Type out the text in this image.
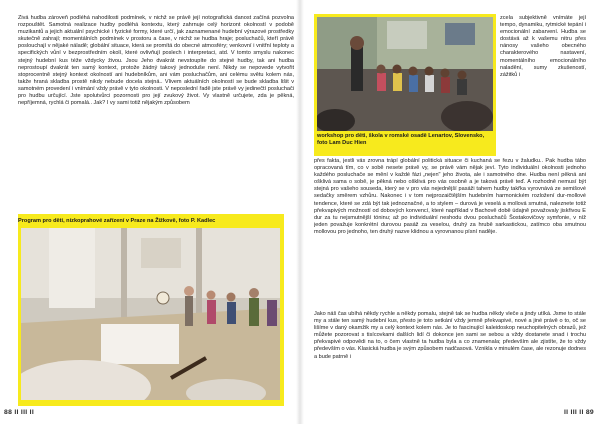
Živá hudba zároveň podléhá nahodilosti podmínek, v nichž se právě její notografická danost začíná pozvolna rozpouštět. Samotná realizace hudby podléhá kontextu, který zahrnuje celý horizont okolností v podobě muzikantů a jejich aktuální psychické i fyzické formy, které určí, jak zaznamenané hudební výrazové prostředky skutečně zahrají; momentálních podmínek v prostoru a čase, v nichž se hudba hraje; posluchačů, kteří právě poslouchají v nějaké náladě; globální situace, která se promítá do obecné atmosféry; venkovní i vnitřní teploty a specifických vůní v bezprostředním okolí, které ovlivňují poslech i interpretaci, atd. V tomto smyslu nakonec stejný hudební kus téže vždycky živou. Jsou Jeho dvakrát nevstoupíte do stejné hudby, tak ani hudba neprostoupí dvakrát ten samý kontext, protože žádný takový jednoduše není. Nikdy se nepovede vytvořit stoprocentně stejný kontext okolností ani hudebníkům, ani vám posluchačům, ani celému světu kolem nás, takže hraná skladba prostě nikdy nebude docela stejná.. Vlivem aktuálních okolností se bude skladba lišit v samotném provedení i vnímání vždy právě v tyto okolnosti. V neposlední řadě jste právě vy jedinečtí posluchači pro hudbu určující. Jste spolutvůrci pozornosti pro její zvukový život. Vy vlastně určujete, zda je pěkná, nepříjemná, rychlá či pomalá.. Jak? I vy sami totiž nějakým způsobem
Program pro děti, nízkoprahové zařízení v Praze na Žižkově, foto P. Kadlec
88 II III II
workshop pro děti, škola v romské osadě Lenartov, Slovensko, foto Lam Duc Hien
zcela subjektivně vnímáte její tempo, dynamiku, rytmické tepání i emocionální zabarvení. Hudba se dostává až k vašemu nitru přes nánosy vašeho obecného charakterového nastavení, momentálního emocionálního naladění, sumy zkušeností, zážitků i
přes fakta, jestli vás zrovna trápí globální politická situace či kuchaná se řezu v žaludku.. Pak hudba tábo opracovaná tím, co v sobě nesete právě vy, se právě vám nějak jeví. Tyto individuální okolnosti jednoho každého posluchače se mění v každé fázi „nejen" jeho života, ale i samotného dne. Hudba není pěkná ani ošklivá sama o sobě, je pěkná nebo ošklivá pro vás osobně a je taková právě teď. A rozhodně nemusí být stejná pro vašeho souseda, který se v pro vás nejednější pasáži tahem hudby takřka vyrovnává ze semišové sedačky směrem vzhůru. Nakonec i v tom nejprozaičtějším hudebním harmonickém rozložení dur-mollové tendence, které se zdá být tak jednoznačné, a to stylem – durová je veselá a mollová smutná, naleznete totiž překvapivých možností od dobových konvencí, které například v Bachově době údajně považovaly jiskřivou E dur za tu nejsmutnější tóninu; až po individuální neshodu dvou posluchačů Šostakovičovy symfonie, v níž jeden považuje konkrétní durovou pasáž za veselou, druhý za hrubě sarkastickou, zatímco oba smutnou mollovou pro jednoho, ten druhý nazve klidnou a vyrovnanou písní naděje.
Jako náš čas ubíhá někdy rychle a někdy pomalu, stejně tak se hudba někdy vleče a jindy utíká. Jsme to stále my a stále ten samý hudební kus, přesto je toto setkání vždy jemně překvapivé, nové a jiné právě o to, oč se lišíme v daný okamžik my a celý kontext kolem nás. Je to fascinující kaleidoskop neuchopitelných obrazů, jež můžete pozorovat s tisícovkami dalších lidí či dokonce jen sami se sebou a vždy dostanete snad i trochu překvapivé odpovědi na to, o čem vlastně ta hudba byla a co znamenala; především ale zjistíte, že to vždy především o vás. Klasická hudba je svým způsobem nadčasová. Vznikla v minulém čase, ale rezonuje dodnes a bude patrně i
II III II 89
